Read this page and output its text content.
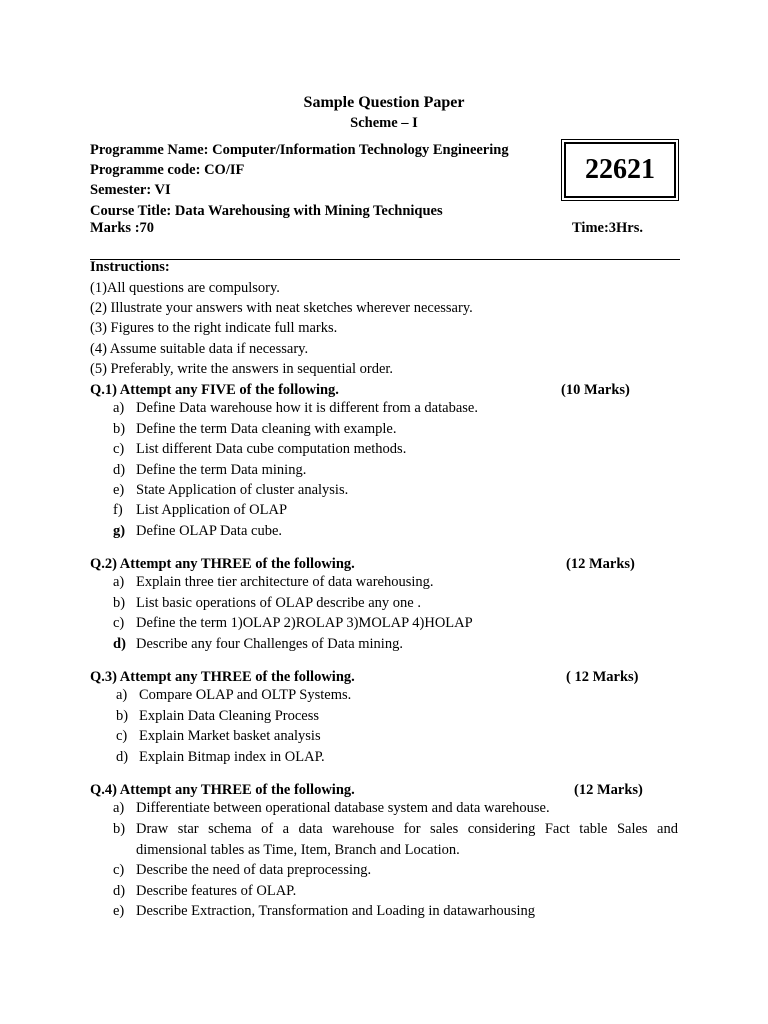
Sample Question Paper
Scheme – I
Programme Name: Computer/Information Technology Engineering
Programme code: CO/IF
Semester: VI
Course Title: Data Warehousing with Mining Techniques
Marks :70
22621
Time:3Hrs.
Instructions:
(1)All questions are compulsory.
(2) Illustrate your answers with neat sketches wherever necessary.
(3) Figures to the right indicate full marks.
(4) Assume suitable data if necessary.
(5) Preferably, write the answers in sequential order.
Q.1) Attempt any FIVE of the following.	(10 Marks)
a) Define Data warehouse how it is different from a database.
b) Define the term Data cleaning with example.
c) List different Data cube computation methods.
d) Define the term Data mining.
e) State Application of cluster analysis.
f) List Application of OLAP
g) Define OLAP Data cube.
Q.2) Attempt any THREE of the following.	(12 Marks)
a) Explain three tier architecture of data warehousing.
b) List basic operations of OLAP describe any one .
c) Define the term 1)OLAP 2)ROLAP 3)MOLAP 4)HOLAP
d) Describe any four Challenges of Data mining.
Q.3) Attempt any THREE of the following.	( 12 Marks)
a) Compare OLAP and OLTP Systems.
b) Explain Data Cleaning Process
c) Explain Market basket analysis
d) Explain Bitmap index in OLAP.
Q.4) Attempt any THREE of the following.	(12 Marks)
a) Differentiate between operational database system and data warehouse.
b) Draw star schema of a data warehouse for sales considering Fact table Sales and
dimensional tables as Time, Item, Branch and Location.
c) Describe the need of data preprocessing.
d) Describe features of OLAP.
e) Describe Extraction, Transformation and Loading in datawarhousing
